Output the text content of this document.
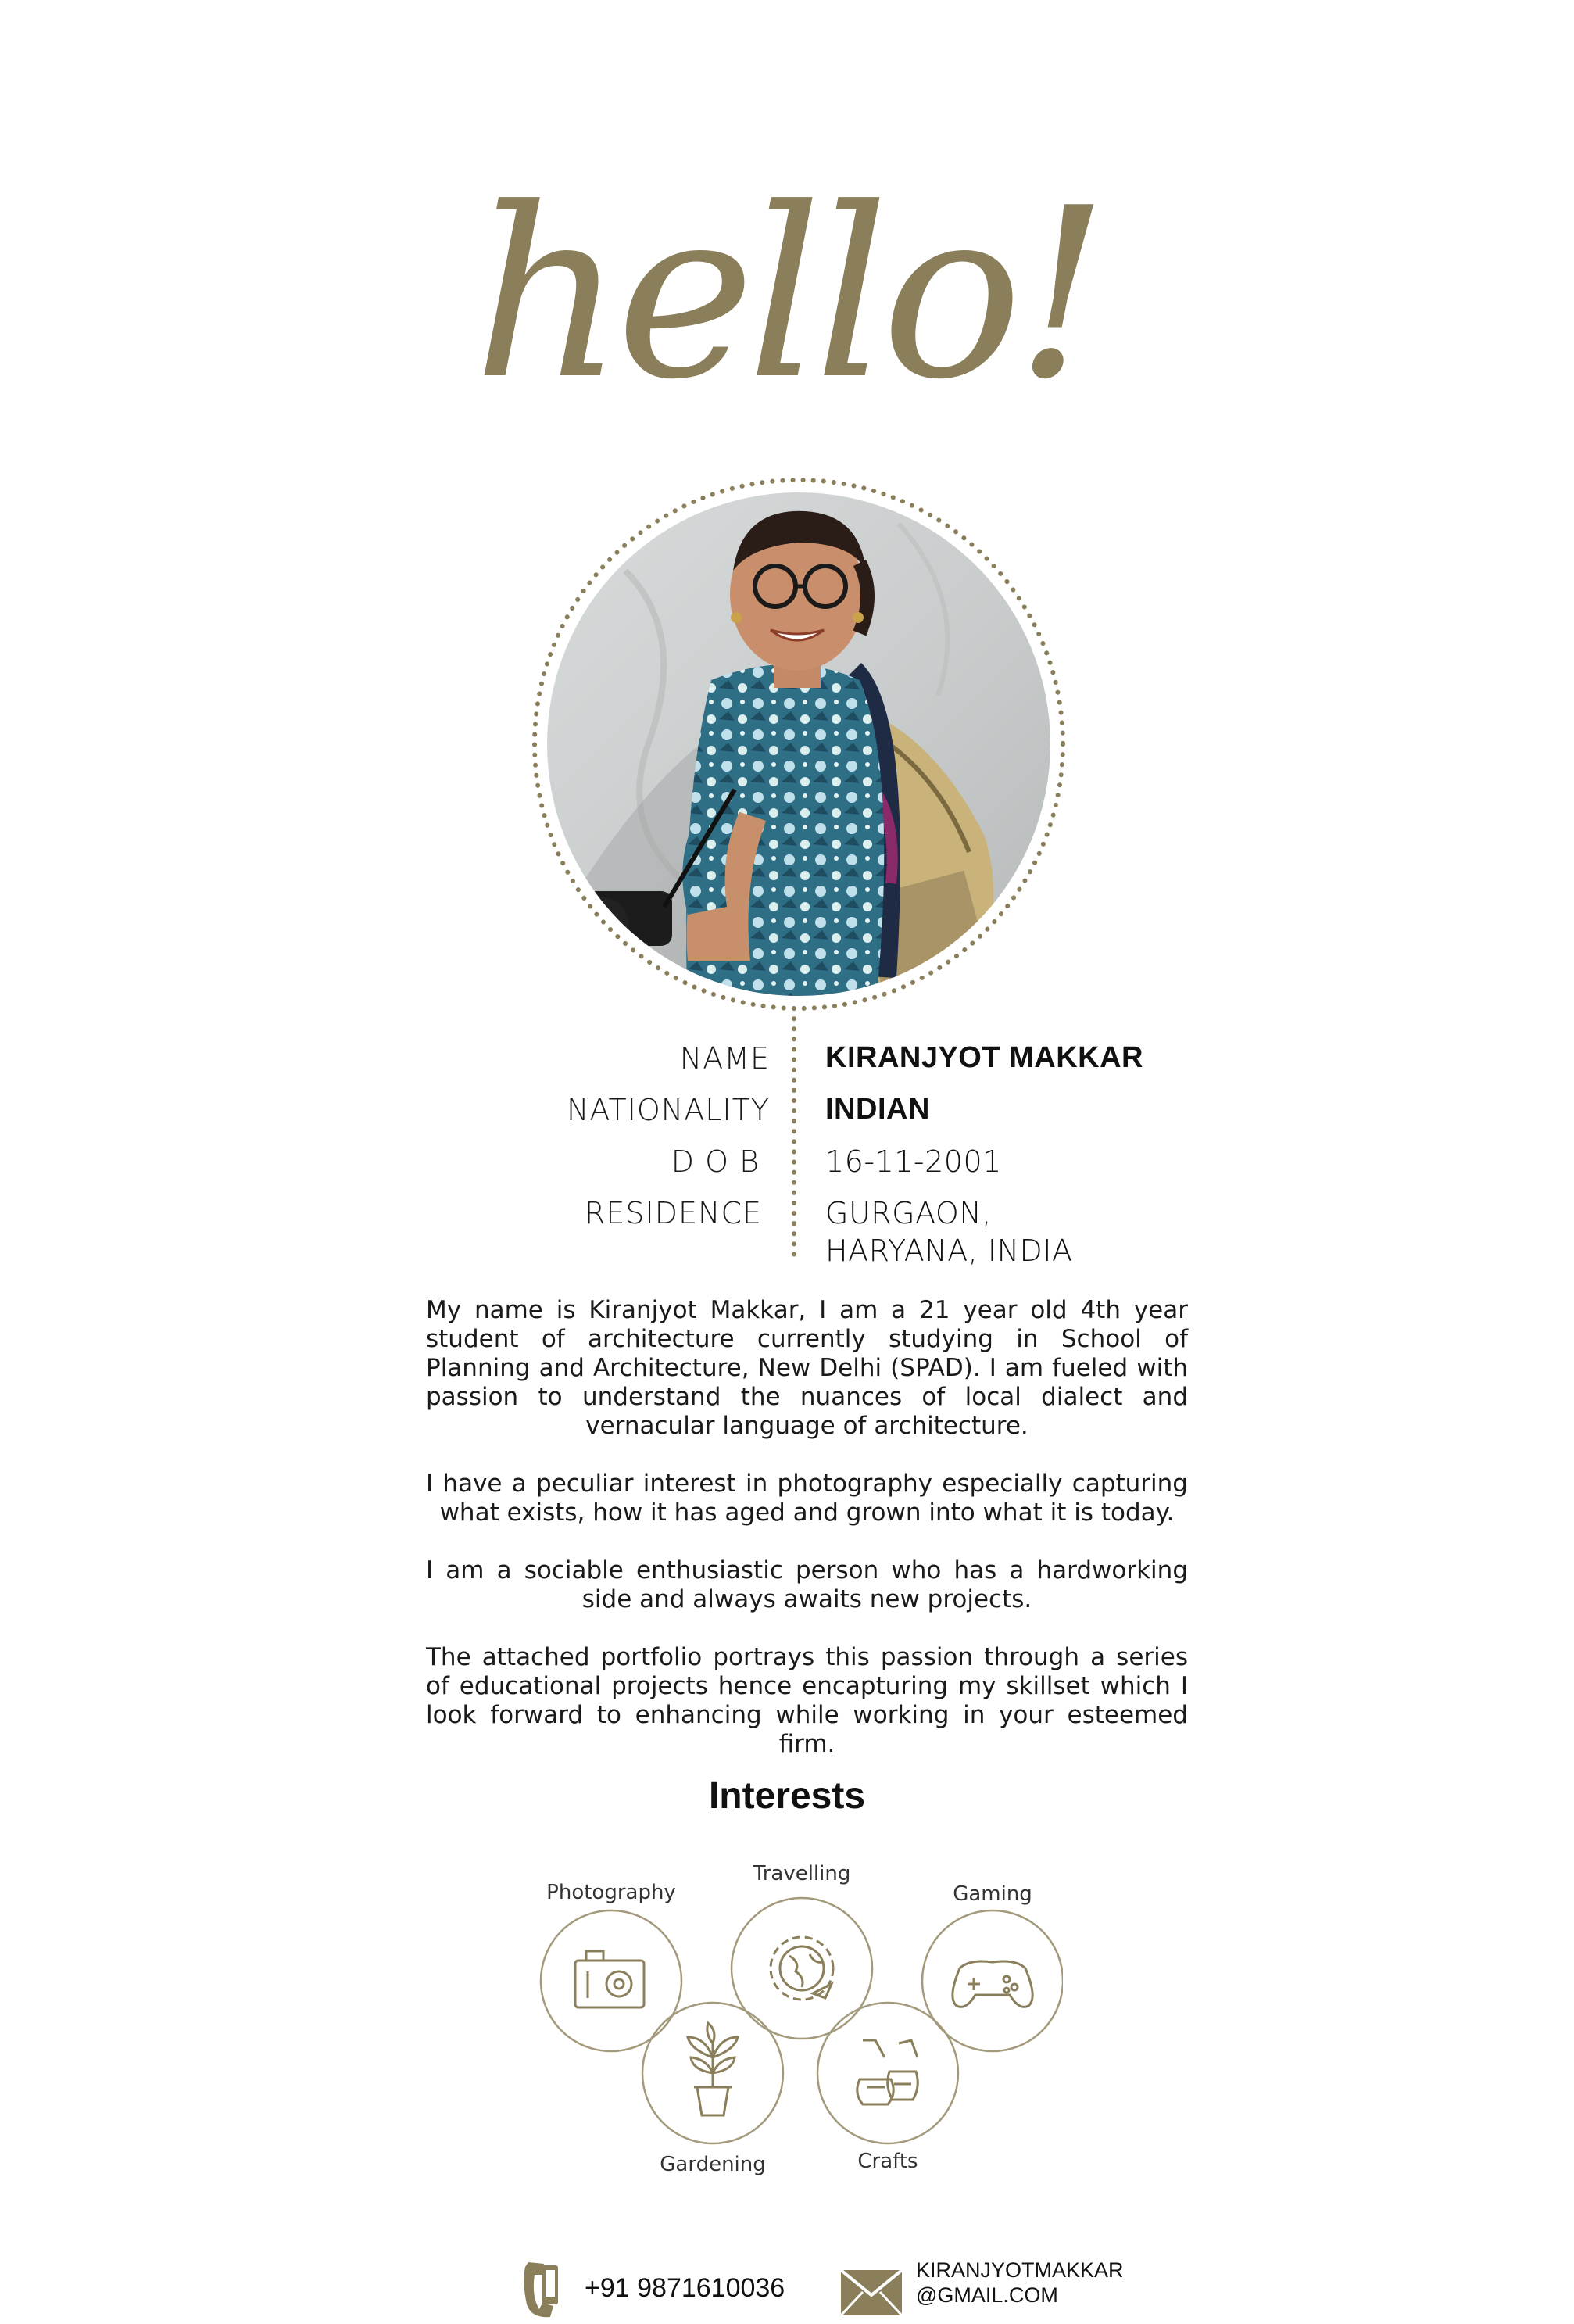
hello!
NAME KIRANJYOT MAKKAR
NATIONALITY INDIAN
D O B 16-11-2001
RESIDENCE GURGAON,
HARYANA, INDIA

My name is Kiranjyot Makkar, I am a 21 year old 4th year student of architecture currently studying in School of Planning and Architecture, New Delhi (SPAD). I am fueled with passion to understand the nuances of local dialect and vernacular language of architecture.

I have a peculiar interest in photography especially capturing what exists, how it has aged and grown into what it is today.

I am a sociable enthusiastic person who has a hardworking side and always awaits new projects.

The attached portfolio portrays this passion through a series of educational projects hence encapturing my skillset which I look forward to enhancing while working in your esteemed firm.

Interests
Photography
Travelling
Gaming
Gardening	Crafts
+91 9871610036
KIRANJYOTMAKKAR
@GMAIL.COM
